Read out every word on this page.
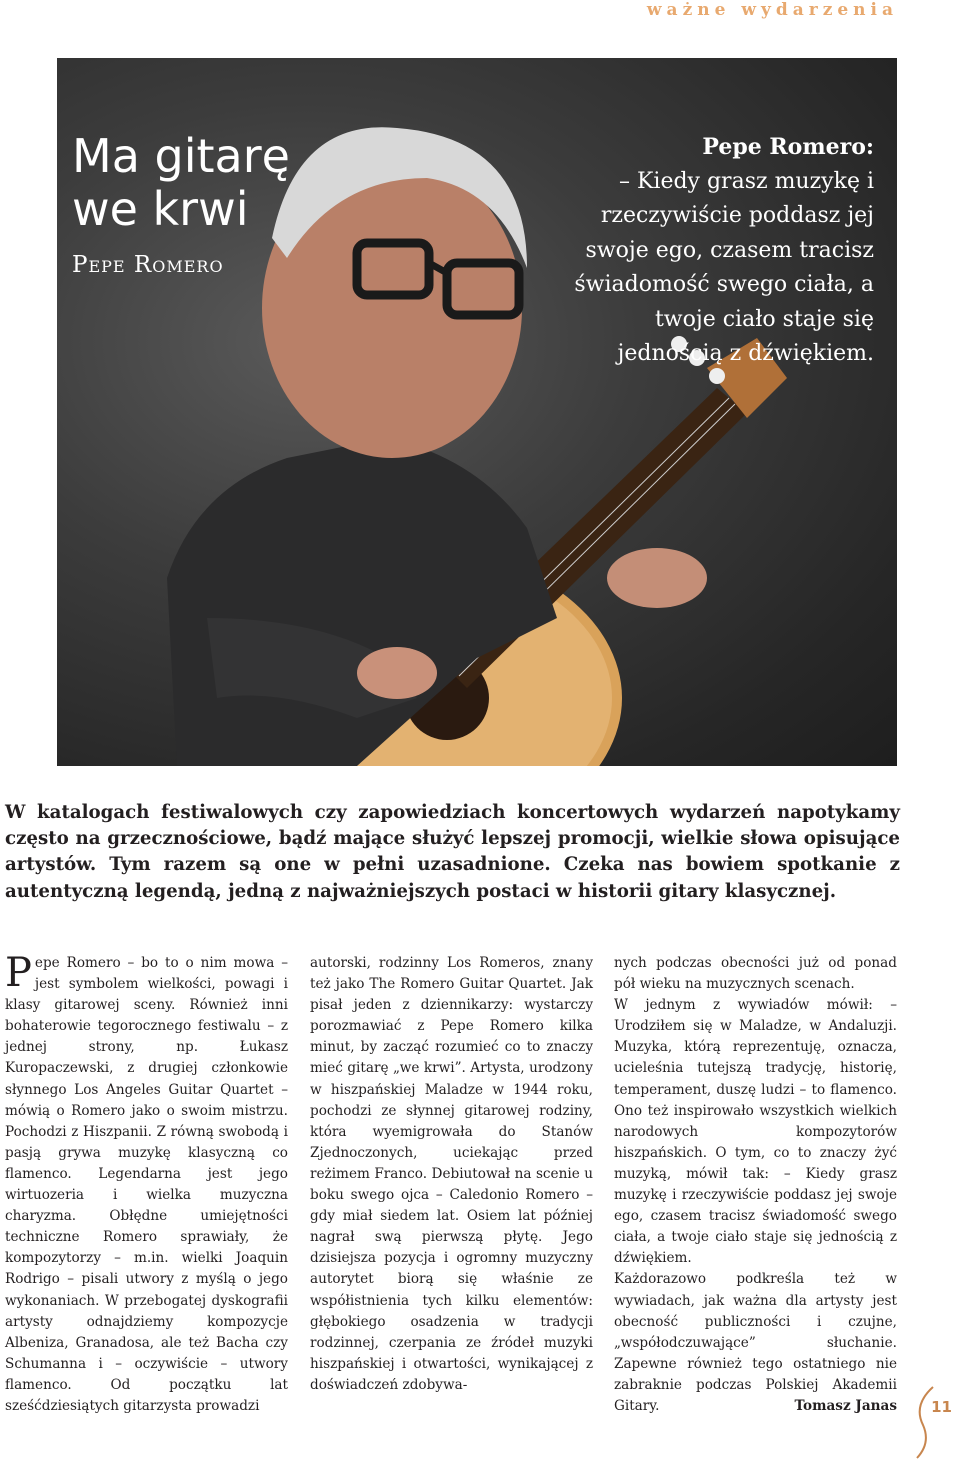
ważne wydarzenia
Ma gitarę
we krwi
Pepe Romero

Pepe Romero:
– Kiedy grasz muzykę i rzeczywiście poddasz jej swoje ego, czasem tracisz świadomość swego ciała, a twoje ciało staje się jednością z dźwiękiem.

W katalogach festiwalowych czy zapowiedziach koncertowych wydarzeń napotykamy często na grzecznościowe, bądź mające służyć lepszej promocji, wielkie słowa opisujące artystów. Tym razem są one w pełni uzasadnione. Czeka nas bowiem spotkanie z autentyczną legendą, jedną z najważniejszych postaci w historii gitary klasycznej.

Pepe Romero – bo to o nim mowa – jest symbolem wielkości, powagi i klasy gitarowej sceny. Również inni bohaterowie tegorocznego festiwalu – z jednej strony, np. Łukasz Kuropaczewski, z drugiej członkowie słynnego Los Angeles Guitar Quartet – mówią o Romero jako o swoim mistrzu. Pochodzi z Hiszpanii. Z równą swobodą i pasją grywa muzykę klasyczną co flamenco. Legendarna jest jego wirtuozeria i wielka muzyczna charyzma. Obłędne umiejętności techniczne Romero sprawiały, że kompozytorzy – m.in. wielki Joaquin Rodrigo – pisali utwory z myślą o jego wykonaniach. W przebogatej dyskografii artysty odnajdziemy kompozycje Albeniza, Granadosa, ale też Bacha czy Schumanna i – oczywiście – utwory flamenco. Od początku lat sześćdziesiątych gitarzysta prowadzi

autorski, rodzinny Los Romeros, znany też jako The Romero Guitar Quartet. Jak pisał jeden z dziennikarzy: wystarczy porozmawiać z Pepe Romero kilka minut, by zacząć rozumieć co to znaczy mieć gitarę „we krwi”. Artysta, urodzony w hiszpańskiej Maladze w 1944 roku, pochodzi ze słynnej gitarowej rodziny, która wyemigrowała do Stanów Zjednoczonych, uciekając przed reżimem Franco. Debiutował na scenie u boku swego ojca – Caledonio Romero – gdy miał siedem lat. Osiem lat później nagrał swą pierwszą płytę. Jego dzisiejsza pozycja i ogromny muzyczny autorytet biorą się właśnie ze współistnienia tych kilku elementów: głębokiego osadzenia w tradycji rodzinnej, czerpania ze źródeł muzyki hiszpańskiej i otwartości, wynikającej z doświadczeń zdobywa-

nych podczas obecności już od ponad pół wieku na muzycznych scenach.

W jednym z wywiadów mówił: – Urodziłem się w Maladze, w Andaluzji. Muzyka, którą reprezentuję, oznacza, ucieleśnia tutejszą tradycję, historię, temperament, duszę ludzi – to flamenco. Ono też inspirowało wszystkich wielkich narodowych kompozytorów hiszpańskich. O tym, co to znaczy żyć muzyką, mówił tak: – Kiedy grasz muzykę i rzeczywiście poddasz jej swoje ego, czasem tracisz świadomość swego ciała, a twoje ciało staje się jednością z dźwiękiem.

Każdorazowo podkreśla też w wywiadach, jak ważna dla artysty jest obecność publiczności i czujne, „współodczuwające” słuchanie. Zapewne również tego ostatniego nie zabraknie podczas Polskiej Akademii Gitary.	Tomasz Janas 11
